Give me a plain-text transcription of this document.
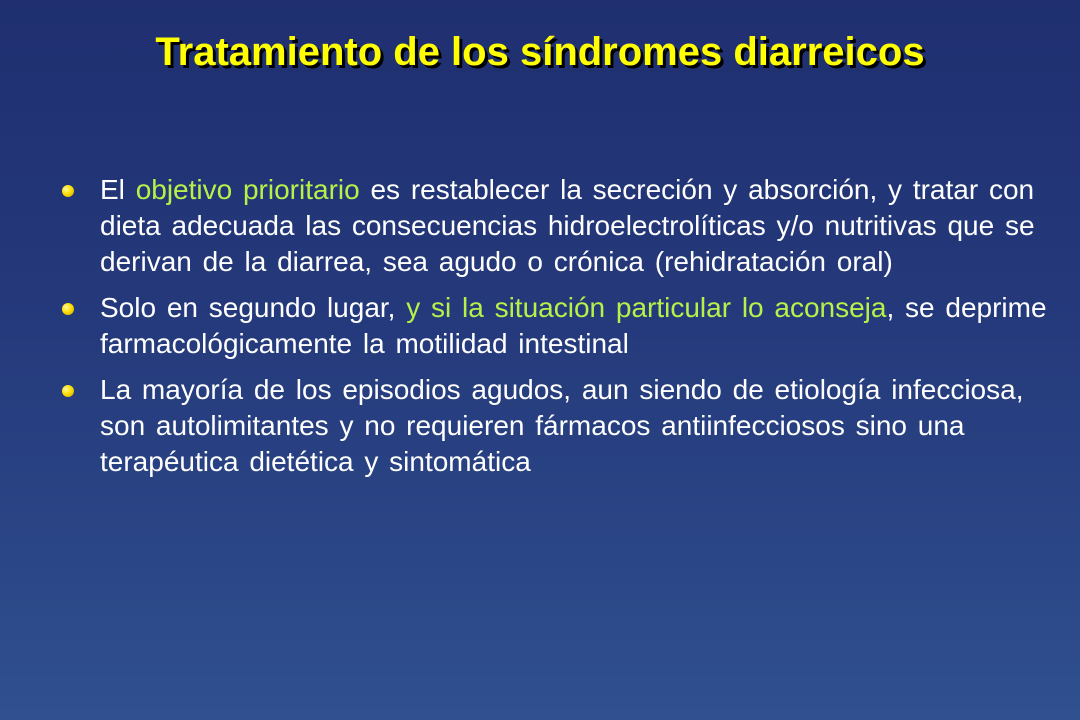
Tratamiento de los síndromes diarreicos
El objetivo prioritario es restablecer la secreción y absorción, y tratar con dieta adecuada las consecuencias hidroelectrolíticas y/o nutritivas que se derivan de la diarrea, sea agudo o crónica (rehidratación oral)
Solo en segundo lugar, y si la situación particular lo aconseja, se deprime farmacológicamente la motilidad intestinal
La mayoría de los episodios agudos, aun siendo de etiología infecciosa, son autolimitantes y no requieren fármacos antiinfecciosos sino una terapéutica dietética y sintomática
